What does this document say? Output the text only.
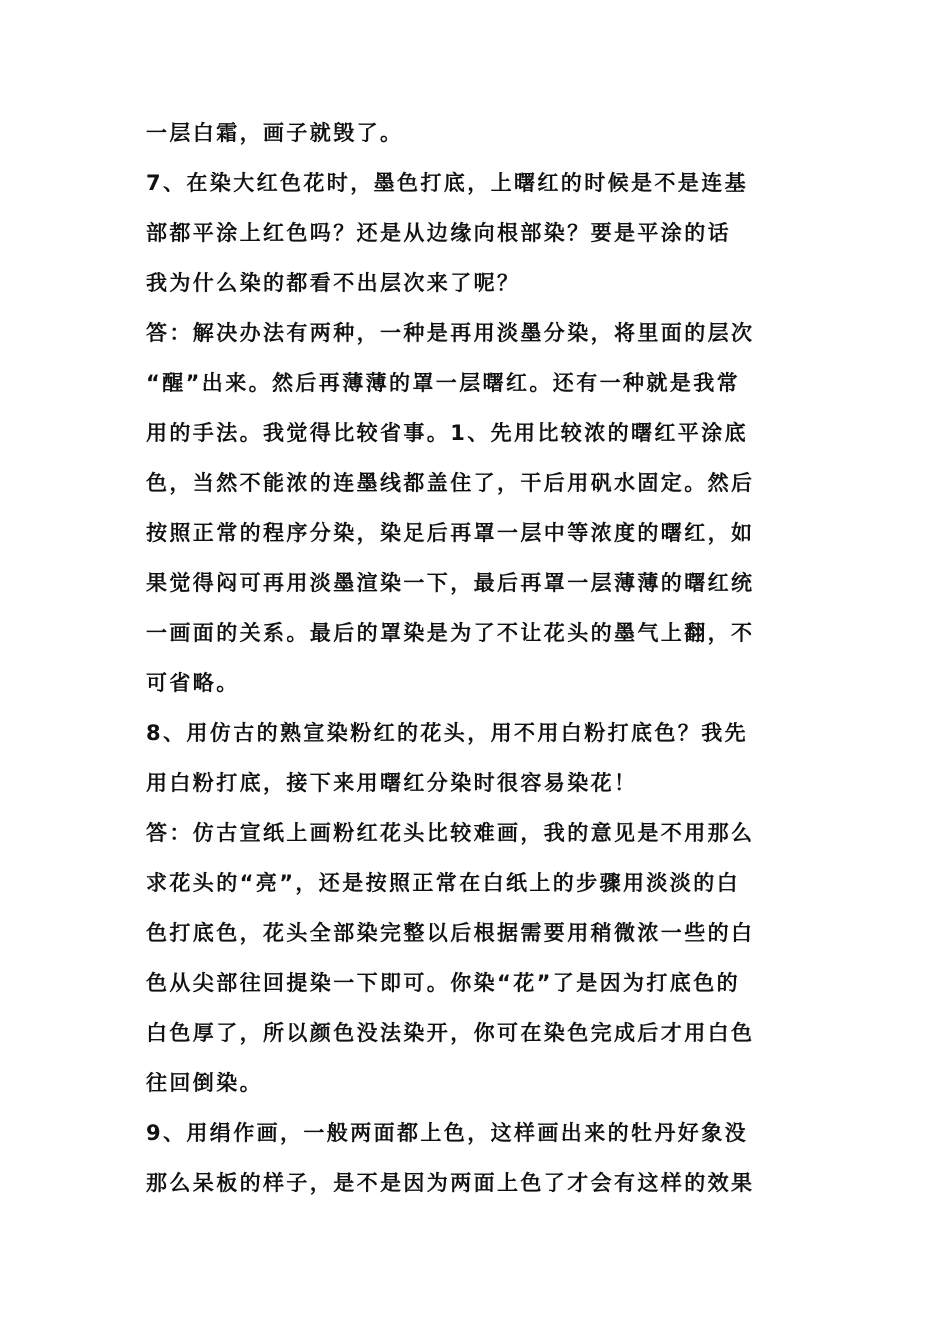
一层白霜，画子就毁了。
7、在染大红色花时，墨色打底，上曙红的时候是不是连基
部都平涂上红色吗？还是从边缘向根部染？要是平涂的话
我为什么染的都看不出层次来了呢？
答：解决办法有两种，一种是再用淡墨分染，将里面的层次
“醒”出来。然后再薄薄的罩一层曙红。还有一种就是我常
用的手法。我觉得比较省事。1、先用比较浓的曙红平涂底
色，当然不能浓的连墨线都盖住了，干后用矾水固定。然后
按照正常的程序分染，染足后再罩一层中等浓度的曙红，如
果觉得闷可再用淡墨渲染一下，最后再罩一层薄薄的曙红统
一画面的关系。最后的罩染是为了不让花头的墨气上翻，不
可省略。
8、用仿古的熟宣染粉红的花头，用不用白粉打底色？我先
用白粉打底，接下来用曙红分染时很容易染花！
答：仿古宣纸上画粉红花头比较难画，我的意见是不用那么
求花头的“亮”，还是按照正常在白纸上的步骤用淡淡的白
色打底色，花头全部染完整以后根据需要用稍微浓一些的白
色从尖部往回提染一下即可。你染“花”了是因为打底色的
白色厚了，所以颜色没法染开，你可在染色完成后才用白色
往回倒染。
9、用绢作画，一般两面都上色，这样画出来的牡丹好象没
那么呆板的样子，是不是因为两面上色了才会有这样的效果
